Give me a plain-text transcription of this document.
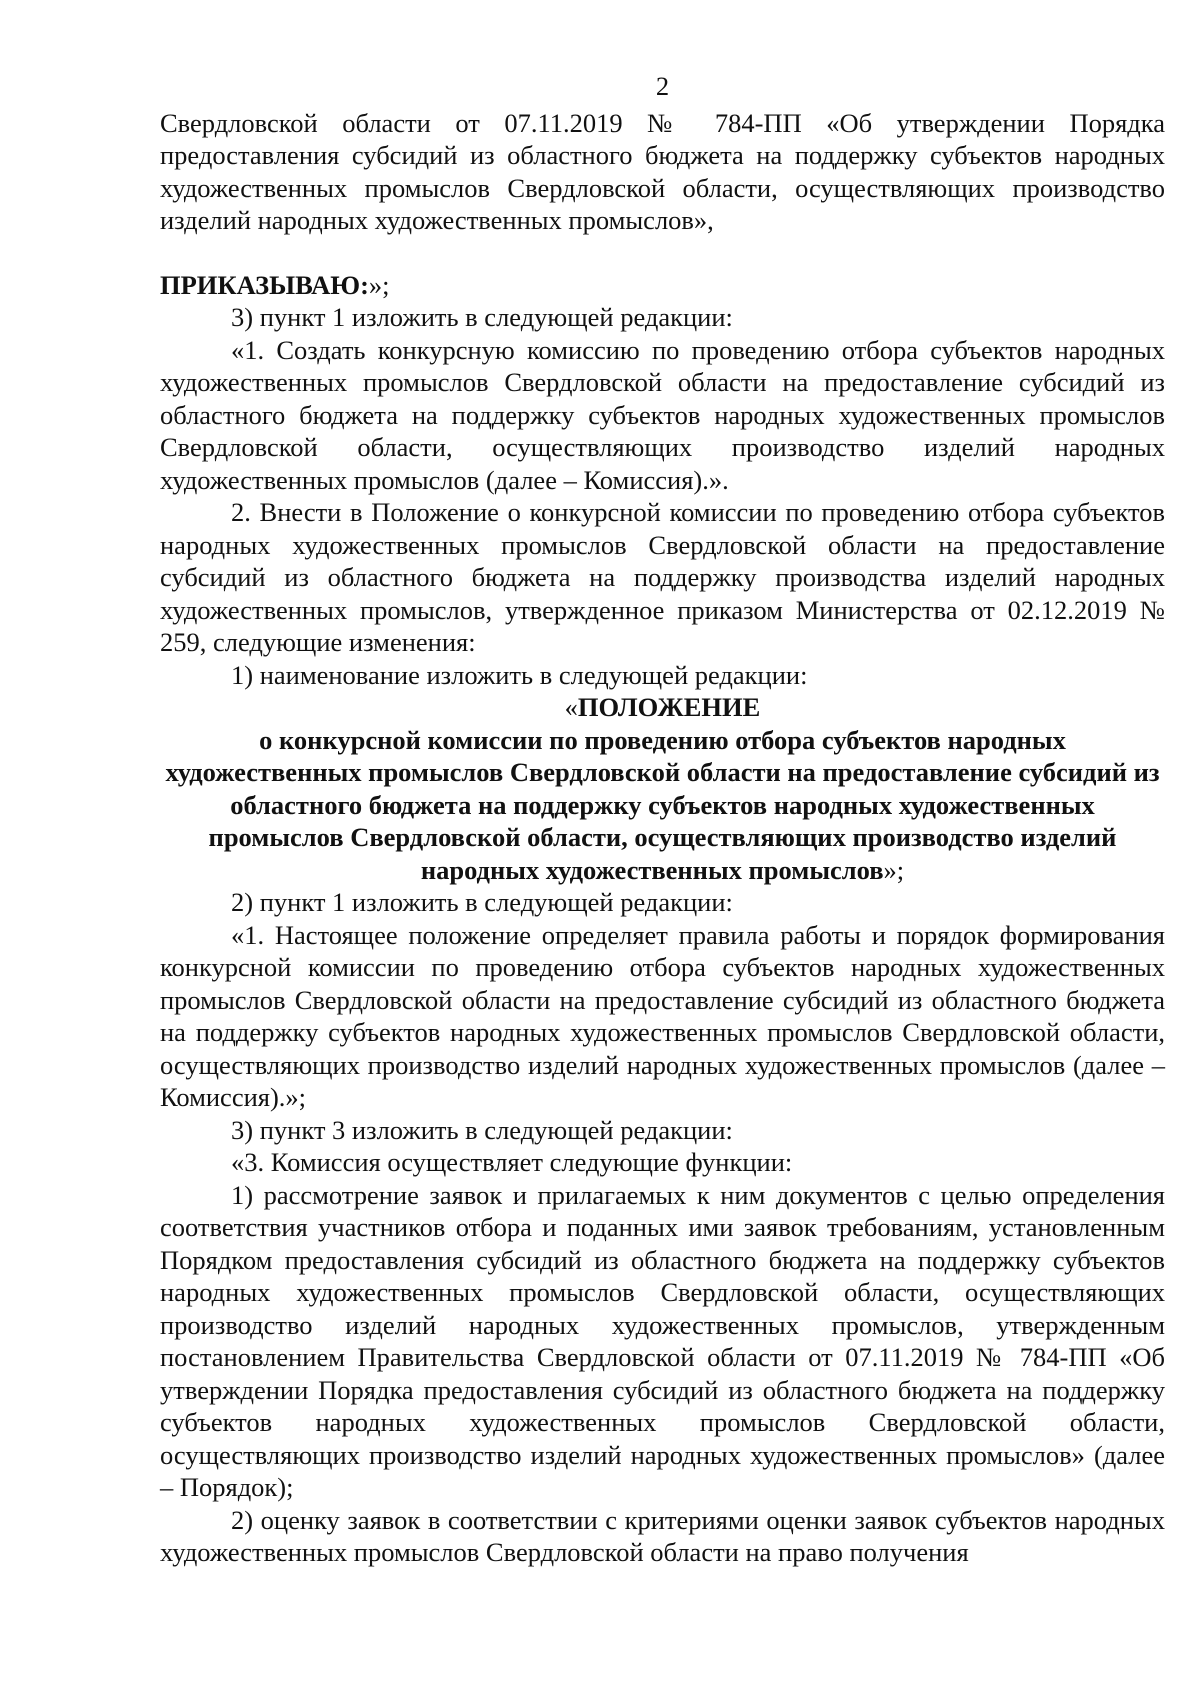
2

Свердловской области от 07.11.2019 № 784-ПП «Об утверждении Порядка предоставления субсидий из областного бюджета на поддержку субъектов народных художественных промыслов Свердловской области, осуществляющих производство изделий народных художественных промыслов»,

ПРИКАЗЫВАЮ:»;

3) пункт 1 изложить в следующей редакции:

«1. Создать конкурсную комиссию по проведению отбора субъектов народных художественных промыслов Свердловской области на предоставление субсидий из областного бюджета на поддержку субъектов народных художественных промыслов Свердловской области, осуществляющих производство изделий народных художественных промыслов (далее – Комиссия).».

2. Внести в Положение о конкурсной комиссии по проведению отбора субъектов народных художественных промыслов Свердловской области на предоставление субсидий из областного бюджета на поддержку производства изделий народных художественных промыслов, утвержденное приказом Министерства от 02.12.2019 № 259, следующие изменения:

1) наименование изложить в следующей редакции:

«ПОЛОЖЕНИЕ

о конкурсной комиссии по проведению отбора субъектов народных художественных промыслов Свердловской области на предоставление субсидий из областного бюджета на поддержку субъектов народных художественных промыслов Свердловской области, осуществляющих производство изделий народных художественных промыслов»;

2) пункт 1 изложить в следующей редакции:

«1. Настоящее положение определяет правила работы и порядок формирования конкурсной комиссии по проведению отбора субъектов народных художественных промыслов Свердловской области на предоставление субсидий из областного бюджета на поддержку субъектов народных художественных промыслов Свердловской области, осуществляющих производство изделий народных художественных промыслов (далее – Комиссия).»;

3) пункт 3 изложить в следующей редакции:

«3. Комиссия осуществляет следующие функции:

1) рассмотрение заявок и прилагаемых к ним документов с целью определения соответствия участников отбора и поданных ими заявок требованиям, установленным Порядком предоставления субсидий из областного бюджета на поддержку субъектов народных художественных промыслов Свердловской области, осуществляющих производство изделий народных художественных промыслов, утвержденным постановлением Правительства Свердловской области от 07.11.2019 № 784-ПП «Об утверждении Порядка предоставления субсидий из областного бюджета на поддержку субъектов народных художественных промыслов Свердловской области, осуществляющих производство изделий народных художественных промыслов» (далее – Порядок);

2) оценку заявок в соответствии с критериями оценки заявок субъектов народных художественных промыслов Свердловской области на право получения
